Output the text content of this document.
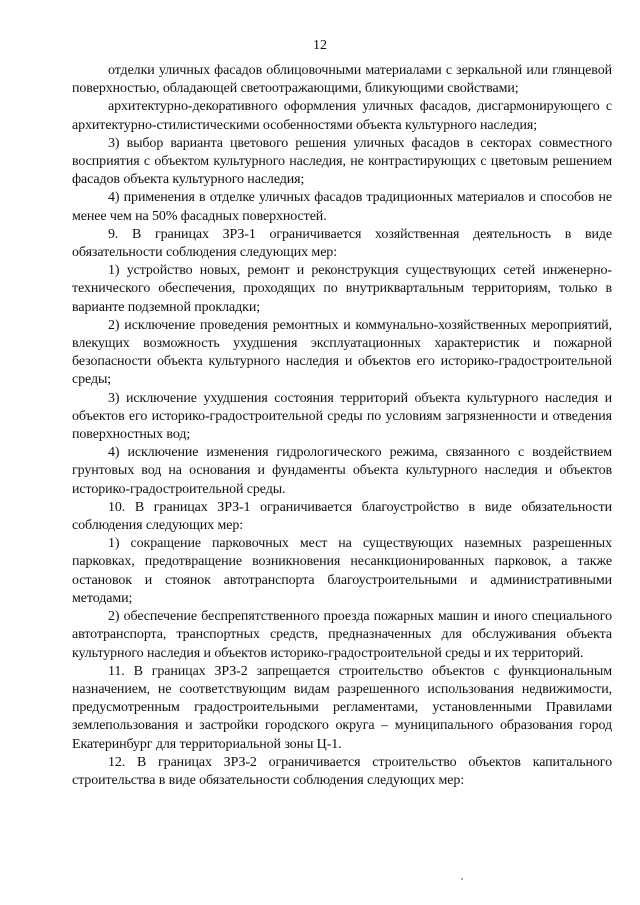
12

отделки уличных фасадов облицовочными материалами с зеркальной или глянцевой поверхностью, обладающей светоотражающими, бликующими свойствами;

архитектурно-декоративного оформления уличных фасадов, дисгармонирующего с архитектурно-стилистическими особенностями объекта культурного наследия;

3) выбор варианта цветового решения уличных фасадов в секторах совместного восприятия с объектом культурного наследия, не контрастирующих с цветовым решением фасадов объекта культурного наследия;

4) применения в отделке уличных фасадов традиционных материалов и способов не менее чем на 50% фасадных поверхностей.

9. В границах ЗРЗ-1 ограничивается хозяйственная деятельность в виде обязательности соблюдения следующих мер:

1) устройство новых, ремонт и реконструкция существующих сетей инженерно-технического обеспечения, проходящих по внутриквартальным территориям, только в варианте подземной прокладки;

2) исключение проведения ремонтных и коммунально-хозяйственных мероприятий, влекущих возможность ухудшения эксплуатационных характеристик и пожарной безопасности объекта культурного наследия и объектов его историко-градостроительной среды;

3) исключение ухудшения состояния территорий объекта культурного наследия и объектов его историко-градостроительной среды по условиям загрязненности и отведения поверхностных вод;

4) исключение изменения гидрологического режима, связанного с воздействием грунтовых вод на основания и фундаменты объекта культурного наследия и объектов историко-градостроительной среды.

10. В границах ЗРЗ-1 ограничивается благоустройство в виде обязательности соблюдения следующих мер:

1) сокращение парковочных мест на существующих наземных разрешенных парковках, предотвращение возникновения несанкционированных парковок, а также остановок и стоянок автотранспорта благоустроительными и административными методами;

2) обеспечение беспрепятственного проезда пожарных машин и иного специального автотранспорта, транспортных средств, предназначенных для обслуживания объекта культурного наследия и объектов историко-градостроительной среды и их территорий.

11. В границах ЗРЗ-2 запрещается строительство объектов с функциональным назначением, не соответствующим видам разрешенного использования недвижимости, предусмотренным градостроительными регламентами, установленными Правилами землепользования и застройки городского округа – муниципального образования город Екатеринбург для территориальной зоны Ц-1.

12. В границах ЗРЗ-2 ограничивается строительство объектов капитального строительства в виде обязательности соблюдения следующих мер:
